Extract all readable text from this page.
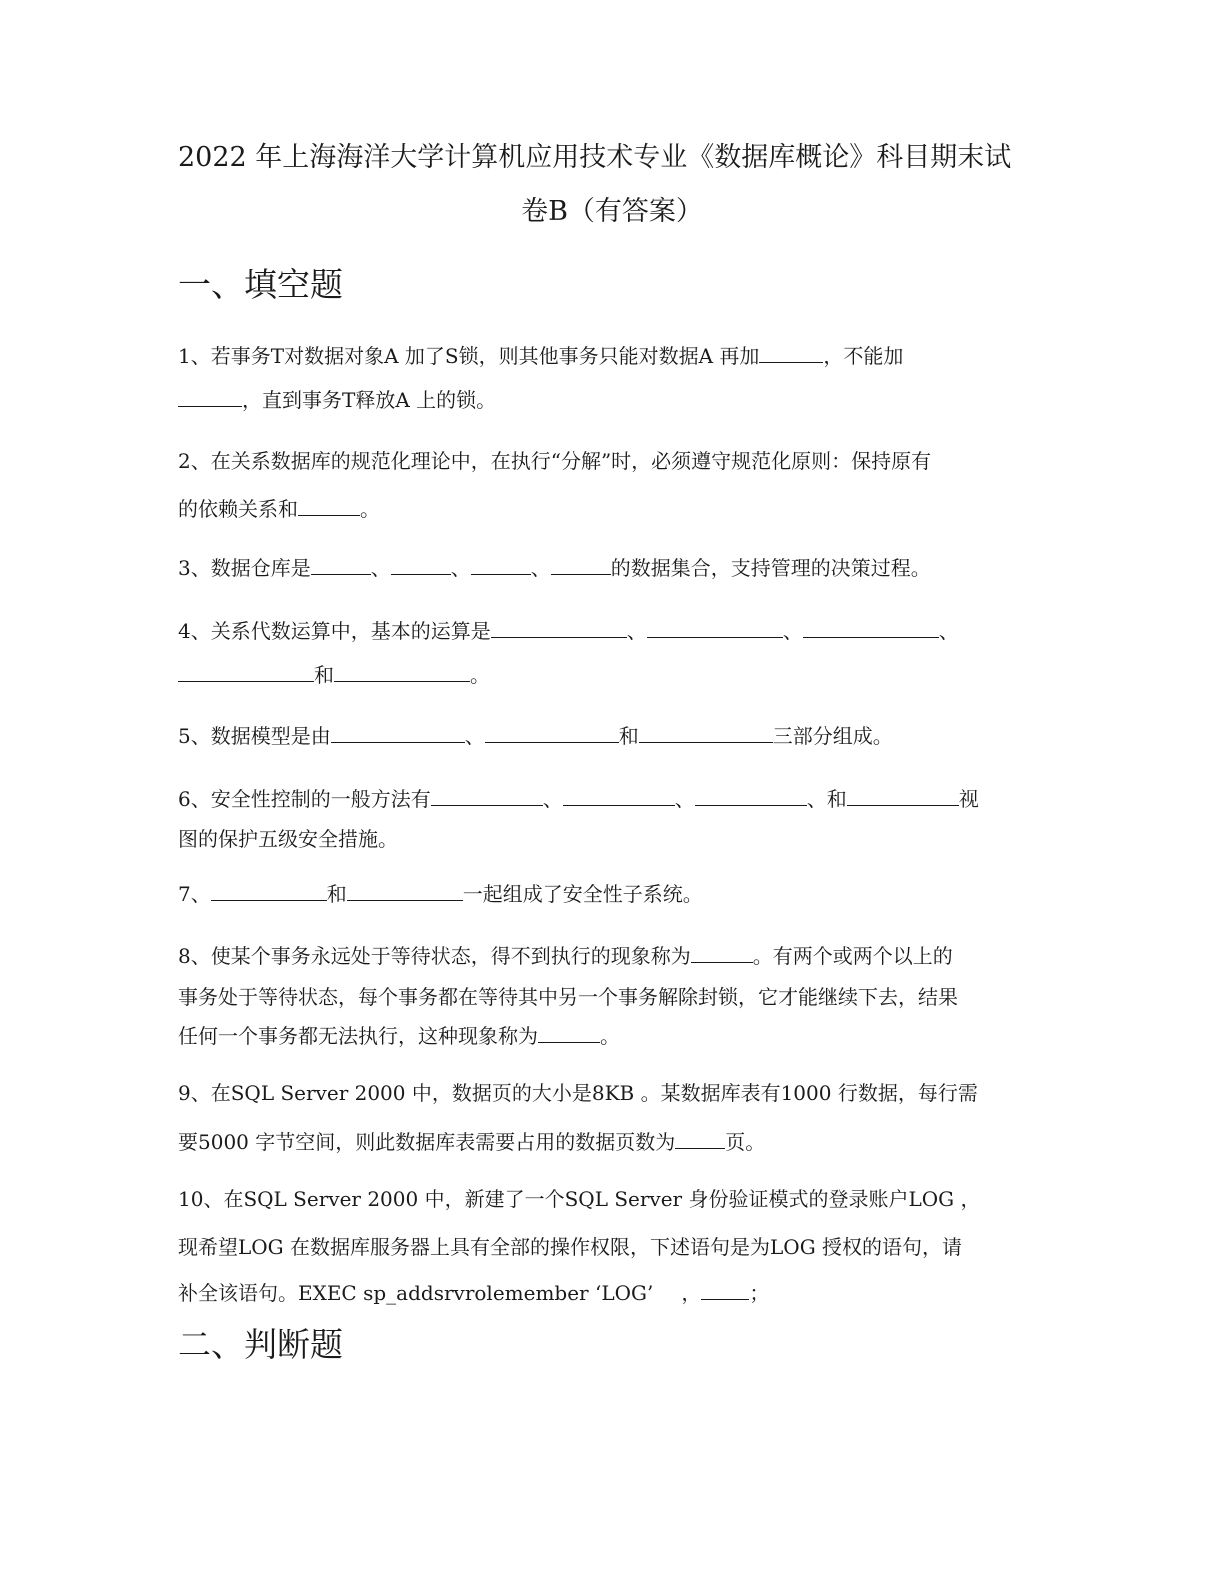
2022 年上海海洋大学计算机应用技术专业《数据库概论》科目期末试
卷B（有答案）
一、填空题
1、若事务T对数据对象A 加了S锁，则其他事务只能对数据A 再加	，不能加
，直到事务T释放A 上的锁。
2、在关系数据库的规范化理论中，在执行“分解”时，必须遵守规范化原则：保持原有
的依赖关系和	。
3、数据仓库是	、	、	、	的数据集合，支持管理的决策过程。
4、关系代数运算中，基本的运算是	、	、	、
和	。
5、数据模型是由	、	和	三部分组成。
6、安全性控制的一般方法有	、	、	、和	视
图的保护五级安全措施。
7、	和	一起组成了安全性子系统。
8、使某个事务永远处于等待状态，得不到执行的现象称为	。有两个或两个以上的
事务处于等待状态，每个事务都在等待其中另一个事务解除封锁，它才能继续下去，结果
任何一个事务都无法执行，这种现象称为	。
9、在SQL Server 2000 中，数据页的大小是8KB 。某数据库表有1000 行数据，每行需
要5000 字节空间，则此数据库表需要占用的数据页数为	页。
10、在SQL Server 2000 中，新建了一个SQL Server 身份验证模式的登录账户LOG ，
现希望LOG 在数据库服务器上具有全部的操作权限，下述语句是为LOG 授权的语句，请
补全该语句。EXEC sp_addsrvrolemember ‘LOG’ ， ；
二、判断题
